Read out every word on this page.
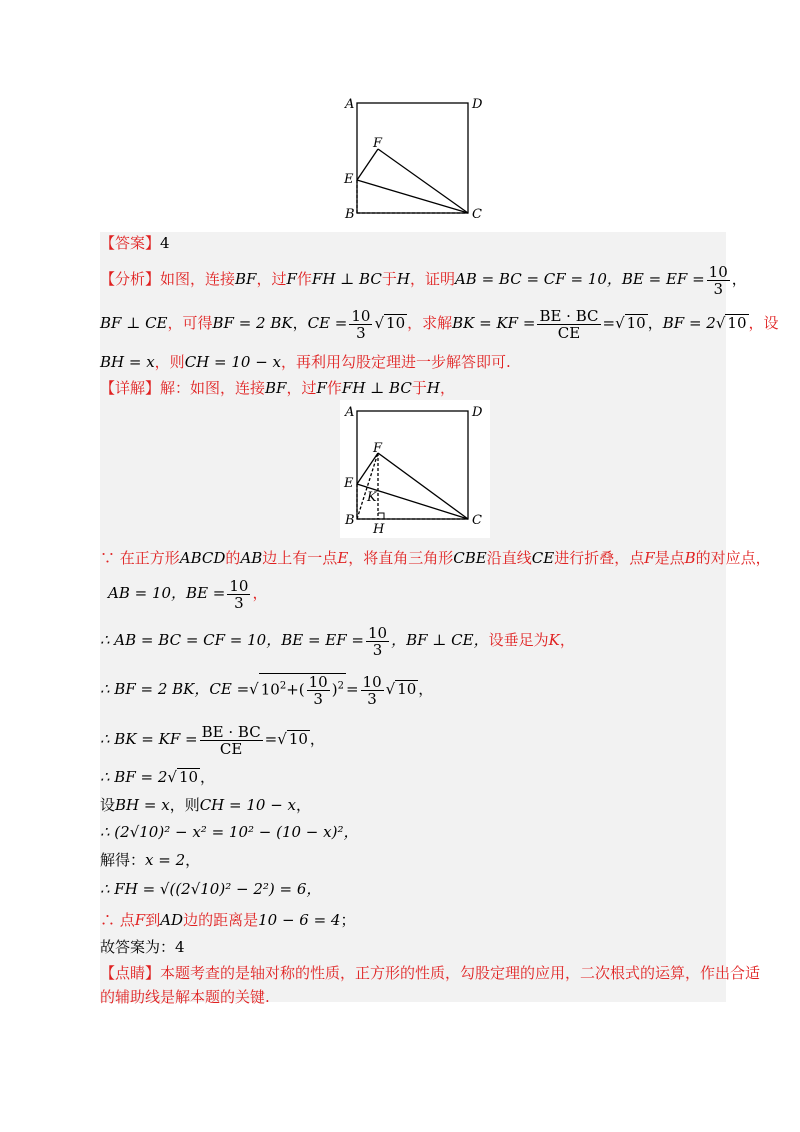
A	D
F
E
B	C
【答案】4
【分析】如图，连接BF，过F作FH ⊥ BC于H，证明AB = BC = CF = 10，BE = EF = $\frac{10}{3}$ ，
BF ⊥ CE，可得BF = 2 BK，CE = $\frac{10}{3}$ √ 10 ，求解BK = KF = $\frac{BE \cdot BC}{CE}$ =√ 10 ，BF = 2√ 10 ，设
BH = x，则CH = 10 − x，再利用勾股定理进一步解答即可.
【详解】解：如图，连接BF，过F作FH ⊥ BC于H，
A	D
F
E
K
B
H
C
∵ 在正方形ABCD的AB边上有一点E，将直角三角形CBE沿直线CE进行折叠，点F是点B的对应点，
AB = 10，BE = $\frac{10}{3}$ ，
∴ AB = BC = CF = 10，BE = EF = $\frac{10}{3}$ ，BF ⊥ CE，设垂足为K，
∴ BF = 2 BK，CE =√ $10^2+( \frac{10}{3} )^2 = \frac{10}{3}$ √ 10 ，
∴ BK = KF = $\frac{BE \cdot BC}{CE}$ =√ 10 ，
∴ BF = 2√ 10 ，
设BH = x，则CH = 10 − x，
∴ (2√10)² − x² = 10² − (10 − x)²，
解得：x = 2，
∴ FH = √((2√10)² − 2²) = 6，
∴ 点F到AD边的距离是10 − 6 = 4；
故答案为：4
【点睛】本题考查的是轴对称的性质，正方形的性质，勾股定理的应用，二次根式的运算，作出合适
的辅助线是解本题的关键.
